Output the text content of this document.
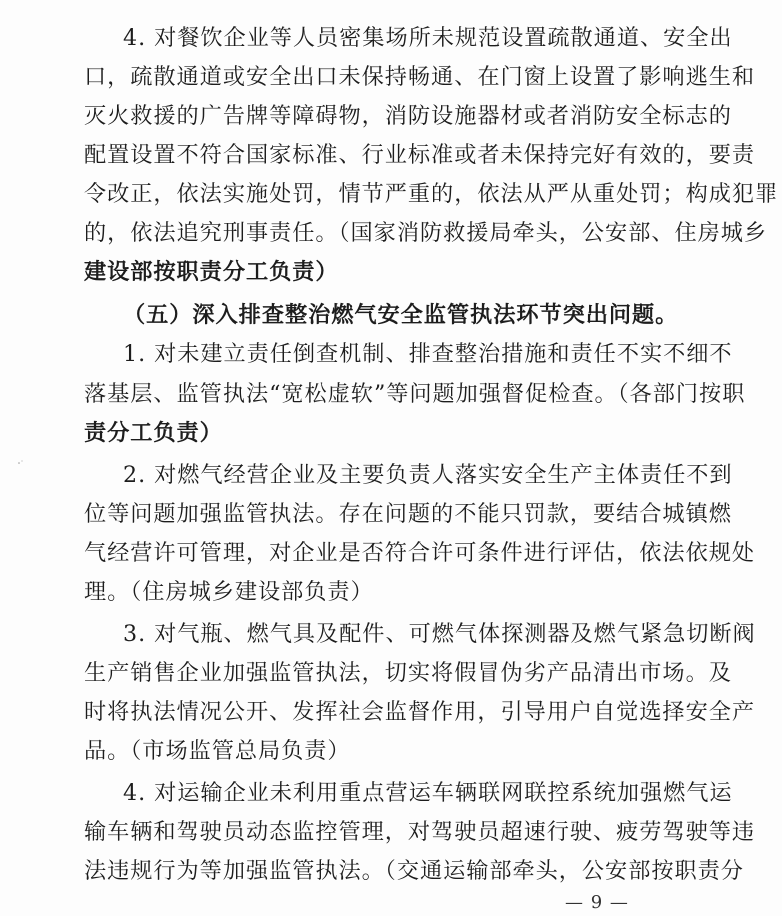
4. 对餐饮企业等人员密集场所未规范设置疏散通道、安全出
口，疏散通道或安全出口未保持畅通、在门窗上设置了影响逃生和
灭火救援的广告牌等障碍物，消防设施器材或者消防安全标志的
配置设置不符合国家标准、行业标准或者未保持完好有效的，要责
令改正，依法实施处罚，情节严重的，依法从严从重处罚；构成犯罪
的，依法追究刑事责任。（国家消防救援局牵头，公安部、住房城乡
建设部按职责分工负责）
（五）深入排查整治燃气安全监管执法环节突出问题。
1. 对未建立责任倒查机制、排查整治措施和责任不实不细不
落基层、监管执法“宽松虚软”等问题加强督促检查。（各部门按职
责分工负责）
2. 对燃气经营企业及主要负责人落实安全生产主体责任不到
位等问题加强监管执法。存在问题的不能只罚款，要结合城镇燃
气经营许可管理，对企业是否符合许可条件进行评估，依法依规处
理。（住房城乡建设部负责）
3. 对气瓶、燃气具及配件、可燃气体探测器及燃气紧急切断阀
生产销售企业加强监管执法，切实将假冒伪劣产品清出市场。及
时将执法情况公开、发挥社会监督作用，引导用户自觉选择安全产
品。（市场监管总局负责）
4. 对运输企业未利用重点营运车辆联网联控系统加强燃气运
输车辆和驾驶员动态监控管理，对驾驶员超速行驶、疲劳驾驶等违
法违规行为等加强监管执法。（交通运输部牵头，公安部按职责分
— 9 —
